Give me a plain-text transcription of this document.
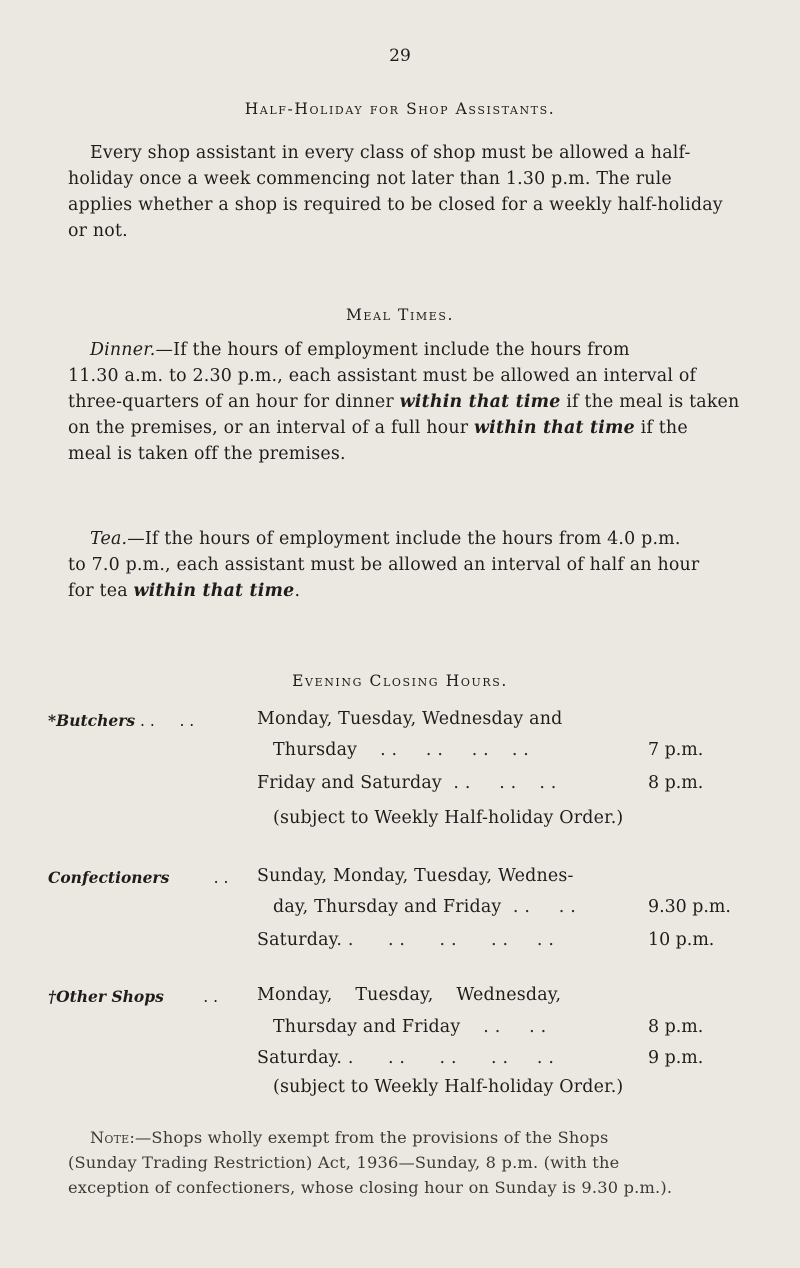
29
Half-Holiday for Shop Assistants.

Every shop assistant in every class of shop must be allowed a half-

holiday once a week commencing not later than 1.30 p.m. The rule

applies whether a shop is required to be closed for a weekly half-holiday

or not.

Meal Times.

Dinner.—If the hours of employment include the hours from

11.30 a.m. to 2.30 p.m., each assistant must be allowed an interval of

three-quarters of an hour for dinner within that time if the meal is taken

on the premises, or an interval of a full hour within that time if the

meal is taken off the premises.

Tea.—If the hours of employment include the hours from 4.0 p.m.

to 7.0 p.m., each assistant must be allowed an interval of half an hour

for tea within that time.

Evening Closing Hours.
*Butchers . .     . .	Monday, Tuesday, Wednesday and
Thursday    . .     . .     . .    . .	7 p.m.
Friday and Saturday  . .     . .    . .	8 p.m.
(subject to Weekly Half-holiday Order.)
Confectioners         . . Sunday, Monday, Tuesday, Wednes-
day, Thursday and Friday  . .     . .	9.30 p.m.
Saturday. .      . .      . .      . .     . .	10 p.m.
†Other Shops        . . Monday,    Tuesday,    Wednesday,
Thursday and Friday    . .     . .	8 p.m.
Saturday. .      . .      . .      . .     . .	9 p.m.
(subject to Weekly Half-holiday Order.)

Note:—Shops wholly exempt from the provisions of the Shops

(Sunday Trading Restriction) Act, 1936—Sunday, 8 p.m. (with the

exception of confectioners, whose closing hour on Sunday is 9.30 p.m.).
